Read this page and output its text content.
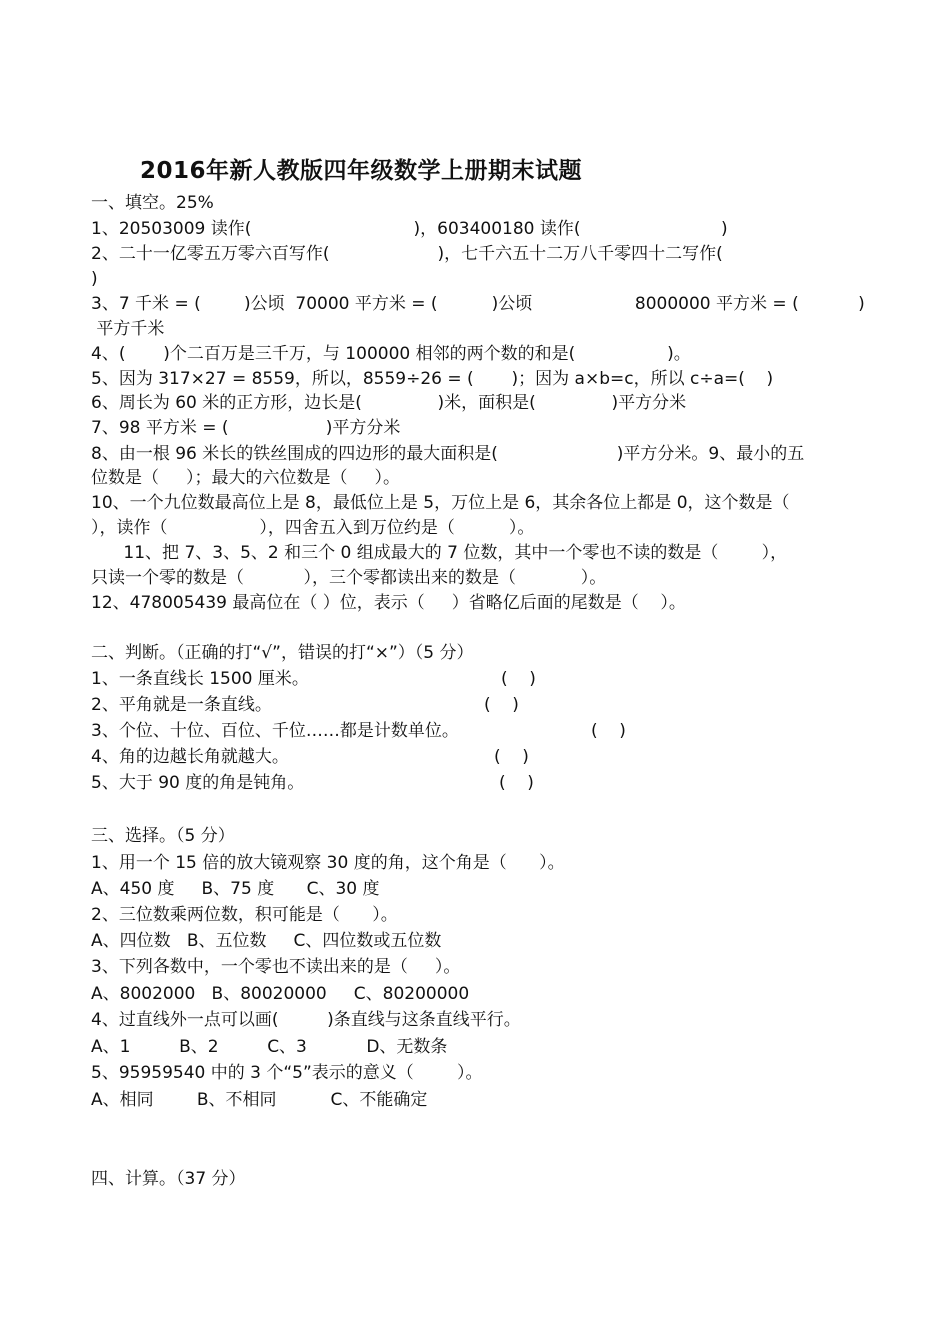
2016年新人教版四年级数学上册期末试题
一、填空。25%
1、20503009 读作(                              )，603400180 读作(                          )
2、二十一亿零五万零六百写作(                    )，七千六五十二万八千零四十二写作(
)
3、7 千米 = (        )公顷  70000 平方米 = (          )公顷                   8000000 平方米 = (           )
平方千米
4、(       )个二百万是三千万，与 100000 相邻的两个数的和是(                 )。
5、因为 317×27 = 8559，所以，8559÷26 = (       )；因为 a×b=c，所以 c÷a=(    )
6、周长为 60 米的正方形，边长是(              )米，面积是(              )平方分米
7、98 平方米 = (                  )平方分米
8、由一根 96 米长的铁丝围成的四边形的最大面积是(                      )平方分米。9、最小的五
位数是（     ）；最大的六位数是（     ）。
10、一个九位数最高位上是 8，最低位上是 5，万位上是 6，其余各位上都是 0，这个数是（
），读作（                 ），四舍五入到万位约是（          ）。
11、把 7、3、5、2 和三个 0 组成最大的 7 位数，其中一个零也不读的数是（        ），
只读一个零的数是（           ），三个零都读出来的数是（            ）。
12、478005439 最高位在（ ）位，表示（     ）省略亿后面的尾数是（    ）。
二、判断。（正确的打“√”，错误的打“×”）（5 分）
1、一条直线长 1500 厘米。	(    )
2、平角就是一条直线。	(    )
3、个位、十位、百位、千位……都是计数单位。	(    )
4、角的边越长角就越大。	(    )
5、大于 90 度的角是钝角。	(    )
三、选择。（5 分）
1、用一个 15 倍的放大镜观察 30 度的角，这个角是（      ）。
A、450 度     B、75 度      C、30 度
2、三位数乘两位数，积可能是（      ）。
A、四位数   B、五位数     C、四位数或五位数
3、下列各数中，一个零也不读出来的是（     ）。
A、8002000   B、80020000     C、80200000
4、过直线外一点可以画(         )条直线与这条直线平行。
A、1         B、2         C、3           D、无数条
5、95959540 中的 3 个“5”表示的意义（        ）。
A、相同        B、不相同          C、不能确定
四、计算。（37 分）
